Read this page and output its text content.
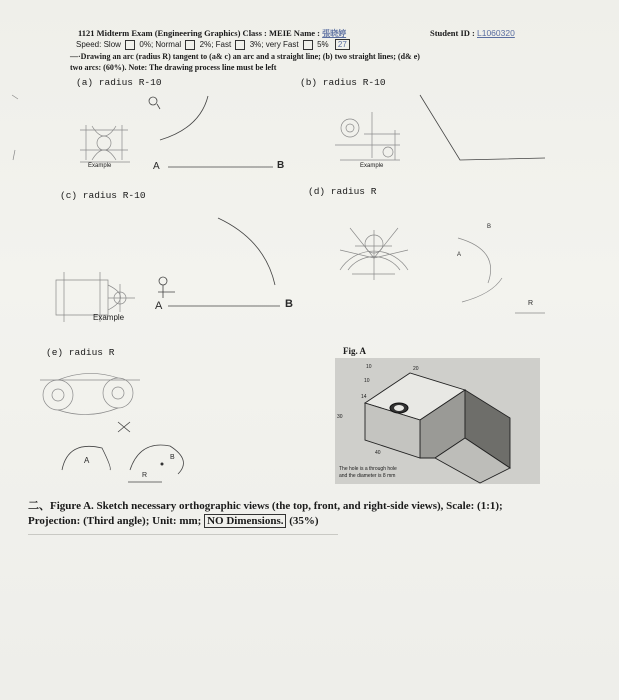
1121 Midterm Exam (Engineering Graphics) Class : MEIE Name : 張晓婷	Student ID : L1060320
Speed: Slow 0%; Normal 2%; Fast 3%; very Fast 5% 27
—·Drawing an arc (radius R) tangent to (a& c) an arc and a straight line; (b) two straight lines; (d& e)
two arcs: (60%). Note: The drawing process line must be left
(a) radius R-10	(b) radius R-10
(c) radius R-10	(d) radius R
(e) radius R
Example	Example
Example
A	B
A	B
A
B
R
A	B
R
Fig. A
10	20
10
14
30
40
The hole is a through hole
and the diameter is 8 mm
二、Figure A. Sketch necessary orthographic views (the top, front, and right-side views), Scale: (1:1);
Projection: (Third angle); Unit: mm; NO Dimensions. (35%)
